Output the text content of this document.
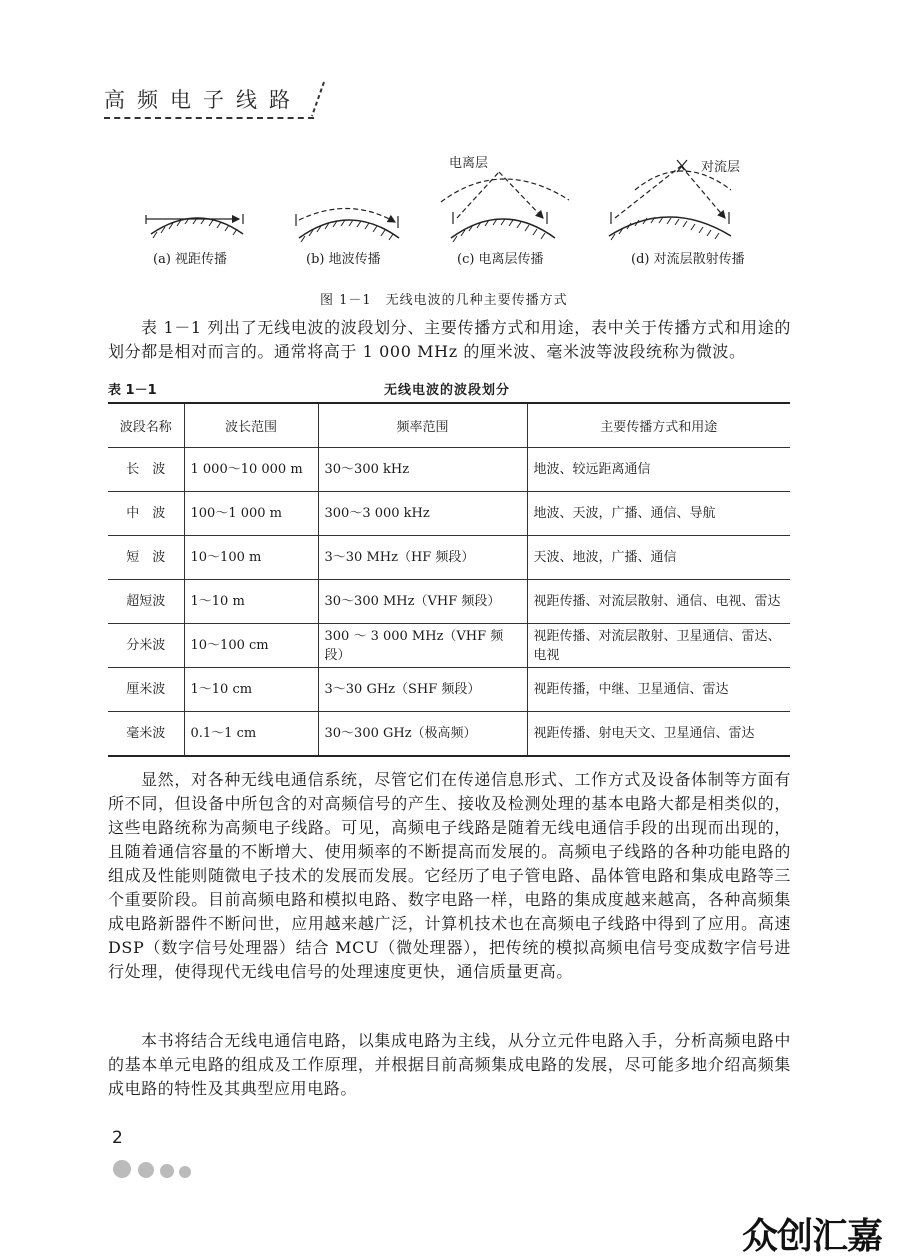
高频电子线路
电离层	对流层
(a) 视距传播	(b) 地波传播	(c) 电离层传播	(d) 对流层散射传播
图 1－1　无线电波的几种主要传播方式

表 1－1 列出了无线电波的波段划分、主要传播方式和用途，表中关于传播方式和用途的划分都是相对而言的。通常将高于 1 000 MHz 的厘米波、毫米波等波段统称为微波。

表 1－1	无线电波的波段划分
波段名称	波长范围	频率范围	主要传播方式和用途
长　波	1 000～10 000 m	30～300 kHz	地波、较远距离通信
中　波	100～1 000 m	300～3 000 kHz	地波、天波，广播、通信、导航
短　波	10～100 m	3～30 MHz（HF 频段）	天波、地波，广播、通信
超短波	1～10 m	30～300 MHz（VHF 频段）	视距传播、对流层散射、通信、电视、雷达
分米波	10～100 cm	300 ～ 3 000 MHz（VHF 频段）	视距传播、对流层散射、卫星通信、雷达、电视
厘米波	1～10 cm	3～30 GHz（SHF 频段）	视距传播，中继、卫星通信、雷达
毫米波	0.1～1 cm	30～300 GHz（极高频）	视距传播、射电天文、卫星通信、雷达

显然，对各种无线电通信系统，尽管它们在传递信息形式、工作方式及设备体制等方面有所不同，但设备中所包含的对高频信号的产生、接收及检测处理的基本电路大都是相类似的，这些电路统称为高频电子线路。可见，高频电子线路是随着无线电通信手段的出现而出现的，且随着通信容量的不断增大、使用频率的不断提高而发展的。高频电子线路的各种功能电路的组成及性能则随微电子技术的发展而发展。它经历了电子管电路、晶体管电路和集成电路等三个重要阶段。目前高频电路和模拟电路、数字电路一样，电路的集成度越来越高，各种高频集成电路新器件不断问世，应用越来越广泛，计算机技术也在高频电子线路中得到了应用。高速 DSP（数字信号处理器）结合 MCU（微处理器），把传统的模拟高频电信号变成数字信号进行处理，使得现代无线电信号的处理速度更快，通信质量更高。

本书将结合无线电通信电路，以集成电路为主线，从分立元件电路入手，分析高频电路中的基本单元电路的组成及工作原理，并根据目前高频集成电路的发展，尽可能多地介绍高频集成电路的特性及其典型应用电路。

2
众创汇嘉
